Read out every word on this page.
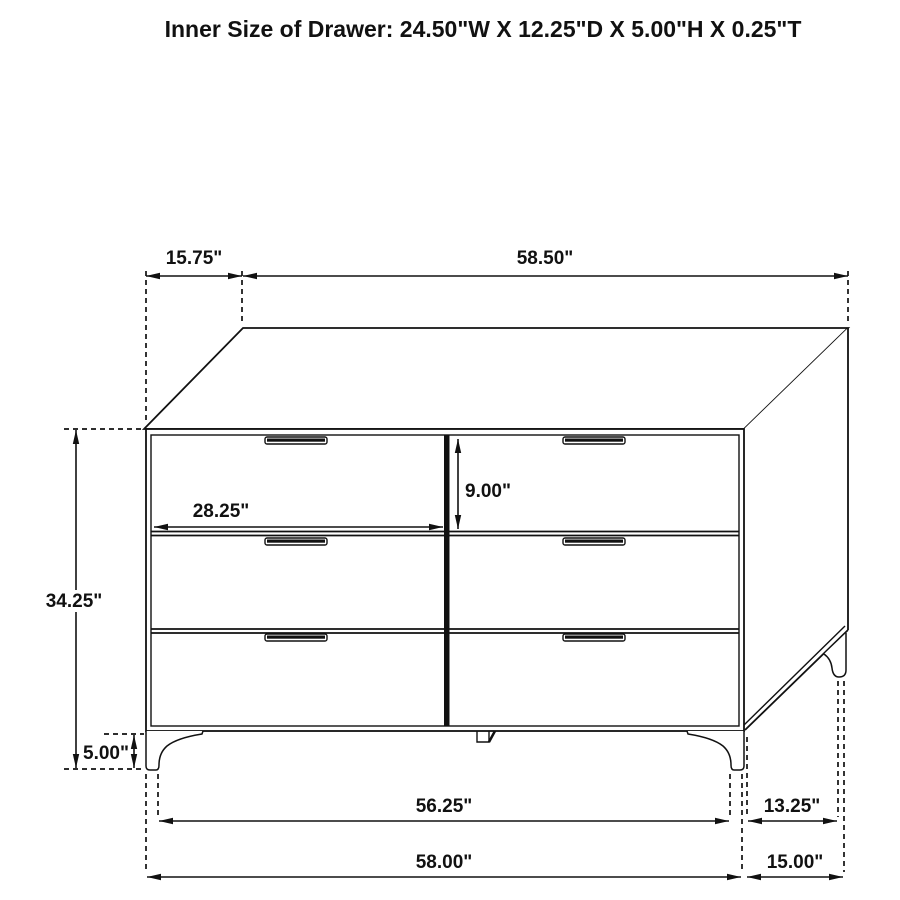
Inner Size of Drawer: 24.50"W X 12.25"D X 5.00"H X 0.25"T
15.75"	58.50"
34.25"
5.00"
28.25"
9.00"
56.25"	13.25"
58.00"	15.00"
